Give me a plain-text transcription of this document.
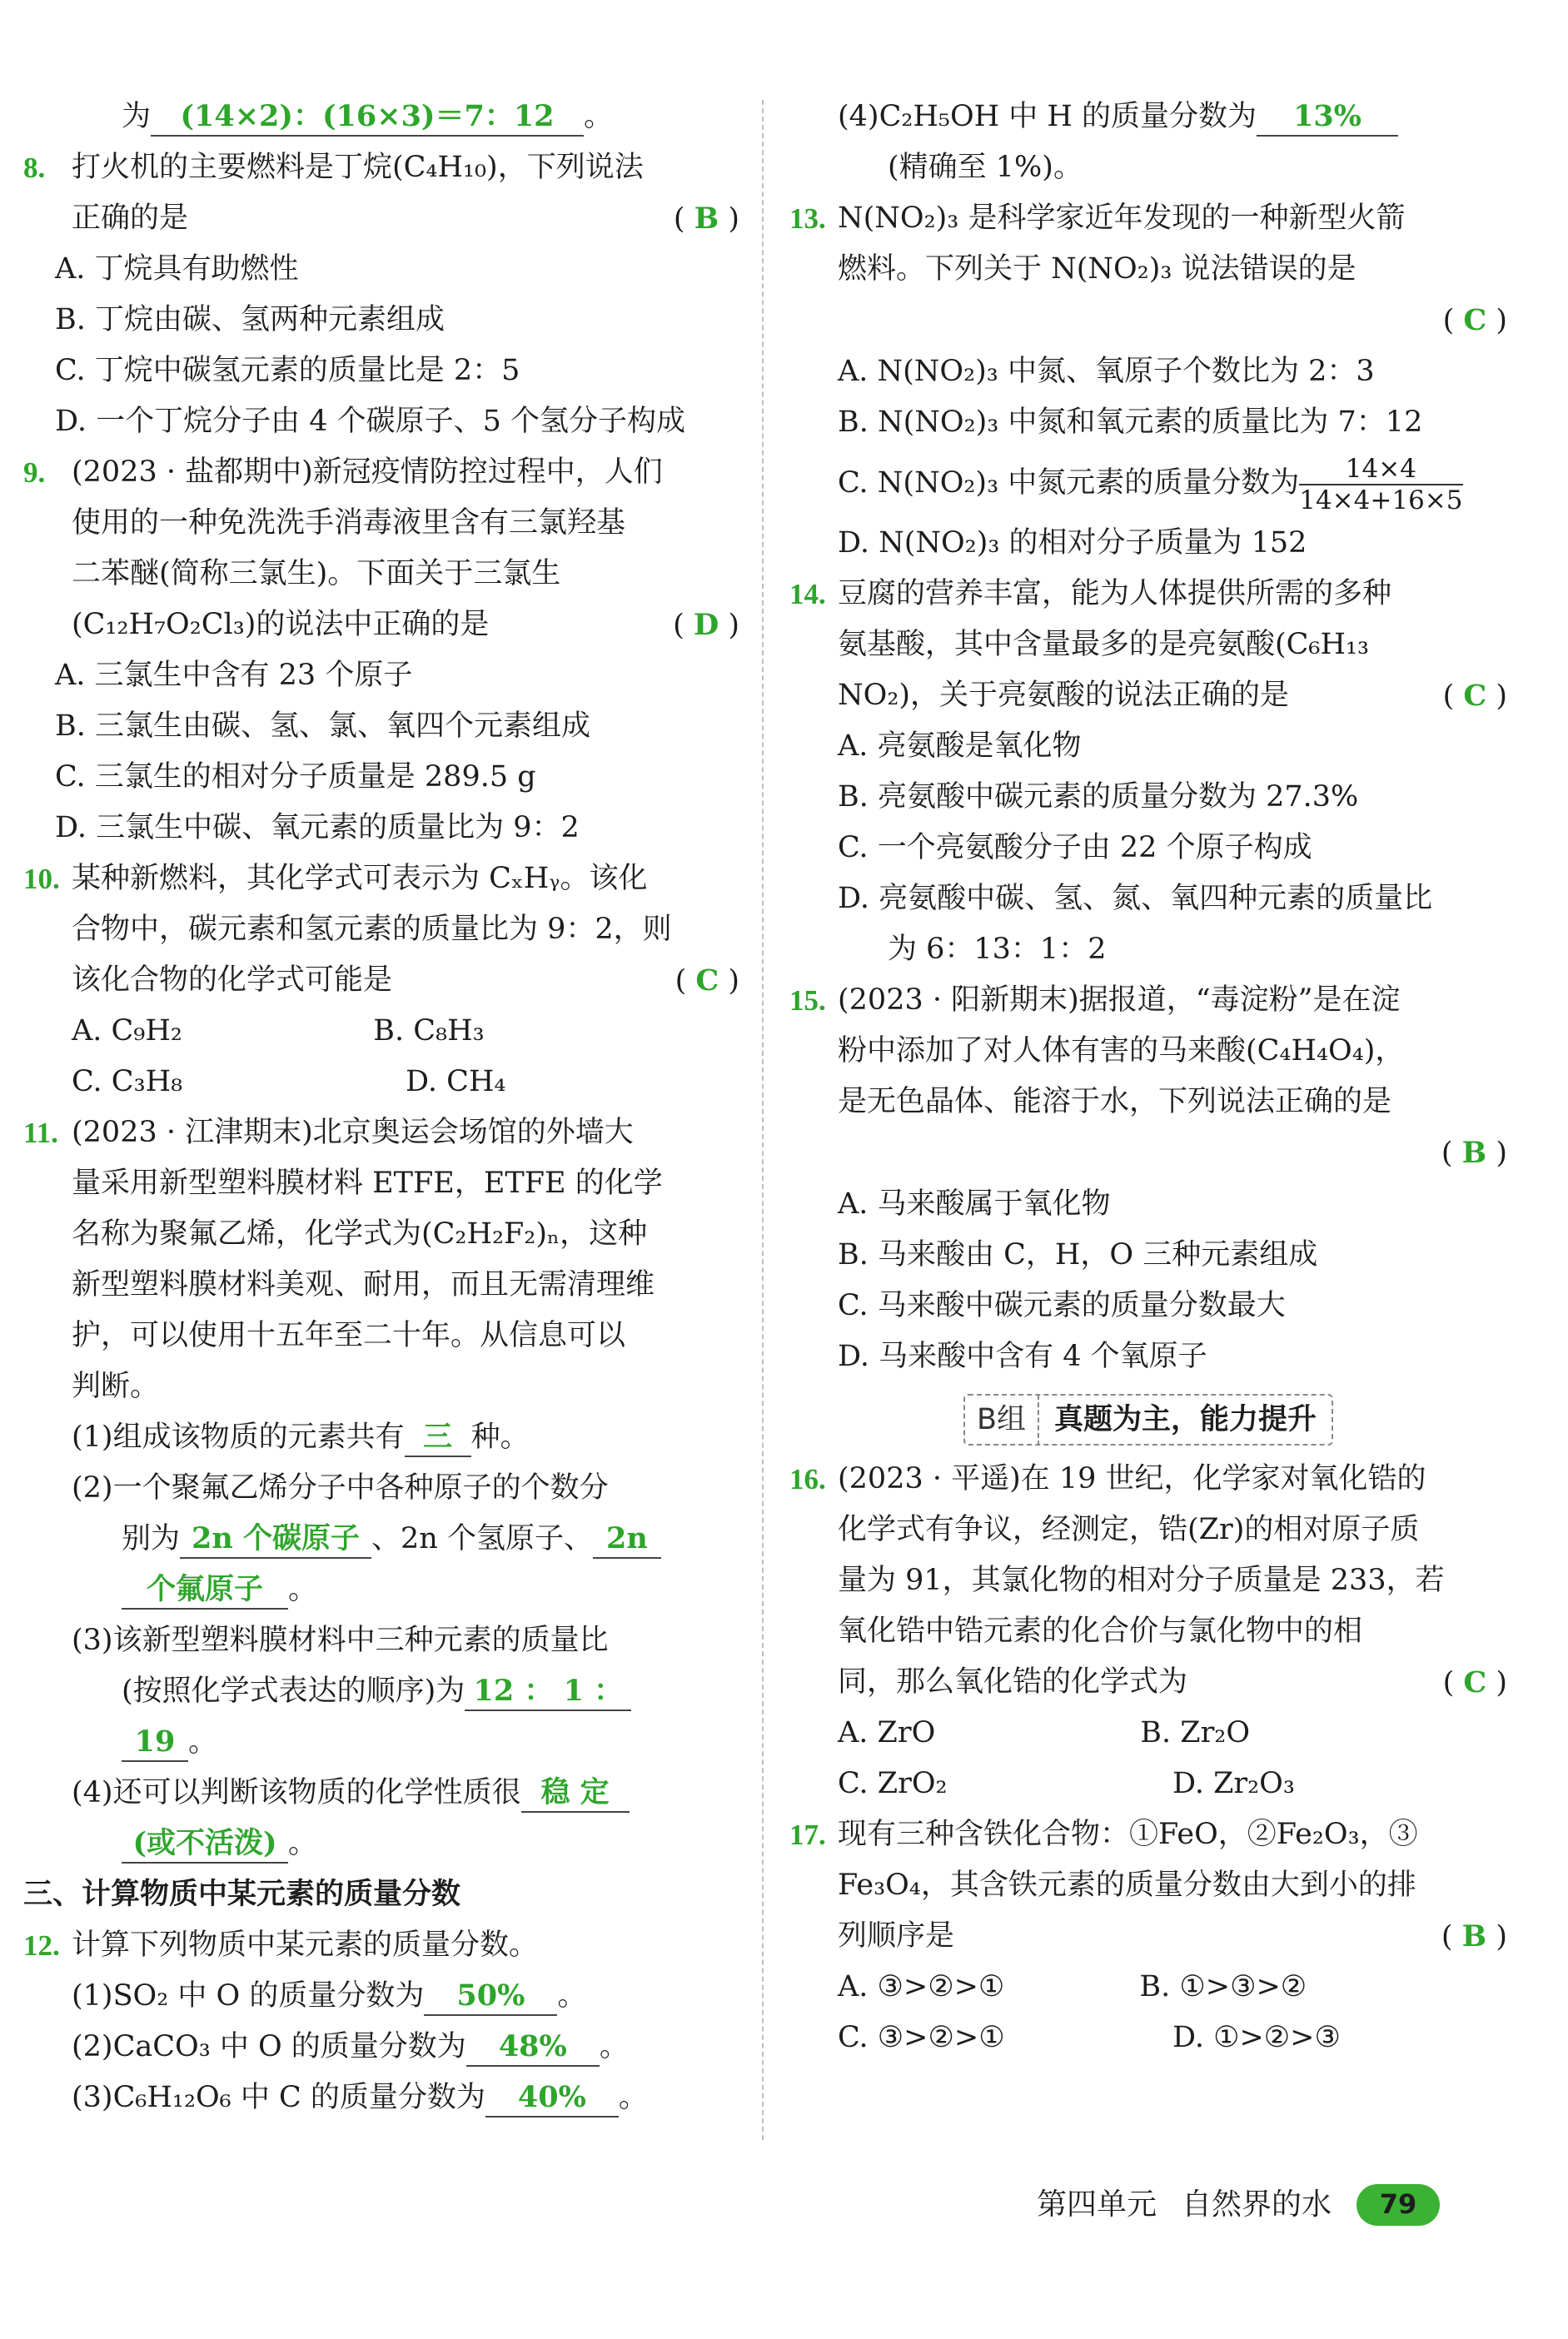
为 (14×2)：(16×3)＝7：12 。

8. 打火机的主要燃料是丁烷(C₄H₁₀)，下列说法

正确的是	( B )

A. 丁烷具有助燃性

B. 丁烷由碳、氢两种元素组成

C. 丁烷中碳氢元素的质量比是 2：5

D. 一个丁烷分子由 4 个碳原子、5 个氢分子构成

9. (2023 · 盐都期中)新冠疫情防控过程中，人们

使用的一种免洗洗手消毒液里含有三氯羟基

二苯醚(简称三氯生)。下面关于三氯生

(C₁₂H₇O₂Cl₃)的说法中正确的是	( D )

A. 三氯生中含有 23 个原子

B. 三氯生由碳、氢、氯、氧四个元素组成

C. 三氯生的相对分子质量是 289.5 g

D. 三氯生中碳、氧元素的质量比为 9：2

10. 某种新燃料，其化学式可表示为 CₓHᵧ。该化

合物中，碳元素和氢元素的质量比为 9：2，则

该化合物的化学式可能是	( C )

A. C₉H₂	B. C₈H₃
C. C₃H₈	D. CH₄
11. (2023 · 江津期末)北京奥运会场馆的外墙大

量采用新型塑料膜材料 ETFE，ETFE 的化学

名称为聚氟乙烯，化学式为(C₂H₂F₂)ₙ，这种

新型塑料膜材料美观、耐用，而且无需清理维

护，可以使用十五年至二十年。从信息可以

判断。

(1)组成该物质的元素共有 三 种。

(2)一个聚氟乙烯分子中各种原子的个数分

别为 2n 个碳原子 、2n 个氢原子、 2n

个氟原子 。

(3)该新型塑料膜材料中三种元素的质量比

(按照化学式表达的顺序)为 12 ： 1 ：

19 。

(4)还可以判断该物质的化学性质很 稳 定

(或不活泼) 。

三、计算物质中某元素的质量分数

12. 计算下列物质中某元素的质量分数。

(1)SO₂ 中 O 的质量分数为 50% 。

(2)CaCO₃ 中 O 的质量分数为 48% 。

(3)C₆H₁₂O₆ 中 C 的质量分数为 40% 。

(4)C₂H₅OH 中 H 的质量分数为 13%

(精确至 1%)。

13. N(NO₂)₃ 是科学家近年发现的一种新型火箭

燃料。下列关于 N(NO₂)₃ 说法错误的是

( C )

A. N(NO₂)₃ 中氮、氧原子个数比为 2：3

B. N(NO₂)₃ 中氮和氧元素的质量比为 7：12

C. N(NO₂)₃ 中氮元素的质量分数为 $\frac{14\times 4}{14\times 4+16\times 5}$

D. N(NO₂)₃ 的相对分子质量为 152

14. 豆腐的营养丰富，能为人体提供所需的多种

氨基酸，其中含量最多的是亮氨酸(C₆H₁₃

NO₂)，关于亮氨酸的说法正确的是	( C )

A. 亮氨酸是氧化物

B. 亮氨酸中碳元素的质量分数为 27.3%

C. 一个亮氨酸分子由 22 个原子构成

D. 亮氨酸中碳、氢、氮、氧四种元素的质量比

为 6：13：1：2

15. (2023 · 阳新期末)据报道，“毒淀粉”是在淀

粉中添加了对人体有害的马来酸(C₄H₄O₄)，

是无色晶体、能溶于水，下列说法正确的是

( B )

A. 马来酸属于氧化物

B. 马来酸由 C，H，O 三种元素组成

C. 马来酸中碳元素的质量分数最大

D. 马来酸中含有 4 个氧原子

B组 真题为主，能力提升
16. (2023 · 平遥)在 19 世纪，化学家对氧化锆的

化学式有争议，经测定，锆(Zr)的相对原子质

量为 91，其氯化物的相对分子质量是 233，若

氧化锆中锆元素的化合价与氯化物中的相

同，那么氧化锆的化学式为	( C )

A. ZrO	B. Zr₂O
C. ZrO₂	D. Zr₂O₃
17. 现有三种含铁化合物：①FeO，②Fe₂O₃，③

Fe₃O₄，其含铁元素的质量分数由大到小的排

列顺序是	( B )

A. ③>②>①	B. ①>③>②
C. ③>②>①	D. ①>②>③
第四单元 自然界的水	79
